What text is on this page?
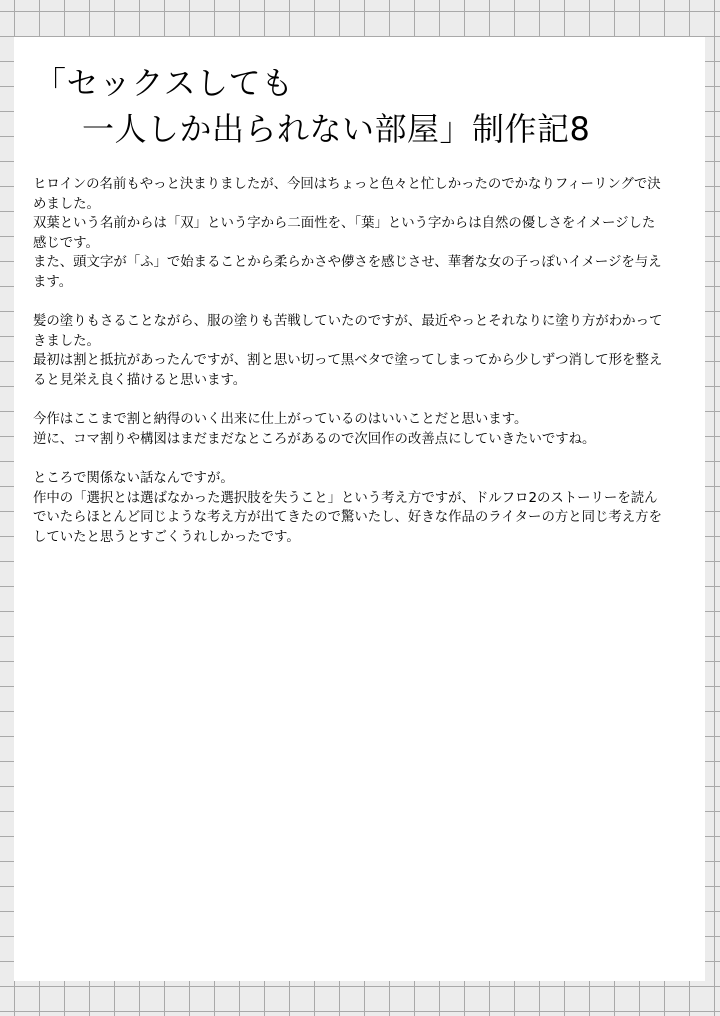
「セックスしても
一人しか出られない部屋」制作記8

ヒロインの名前もやっと決まりましたが、今回はちょっと色々と忙しかったのでかなりフィーリングで決めました。

双葉という名前からは「双」という字から二面性を、「葉」という字からは自然の優しさをイメージした感じです。

また、頭文字が「ふ」で始まることから柔らかさや儚さを感じさせ、華奢な女の子っぽいイメージを与えます。

髪の塗りもさることながら、服の塗りも苦戦していたのですが、最近やっとそれなりに塗り方がわかってきました。

最初は割と抵抗があったんですが、割と思い切って黒ベタで塗ってしまってから少しずつ消して形を整えると見栄え良く描けると思います。

今作はここまで割と納得のいく出来に仕上がっているのはいいことだと思います。

逆に、コマ割りや構図はまだまだなところがあるので次回作の改善点にしていきたいですね。

ところで関係ない話なんですが。

作中の「選択とは選ばなかった選択肢を失うこと」という考え方ですが、ドルフロ2のストーリーを読んでいたらほとんど同じような考え方が出てきたので驚いたし、好きな作品のライターの方と同じ考え方をしていたと思うとすごくうれしかったです。
